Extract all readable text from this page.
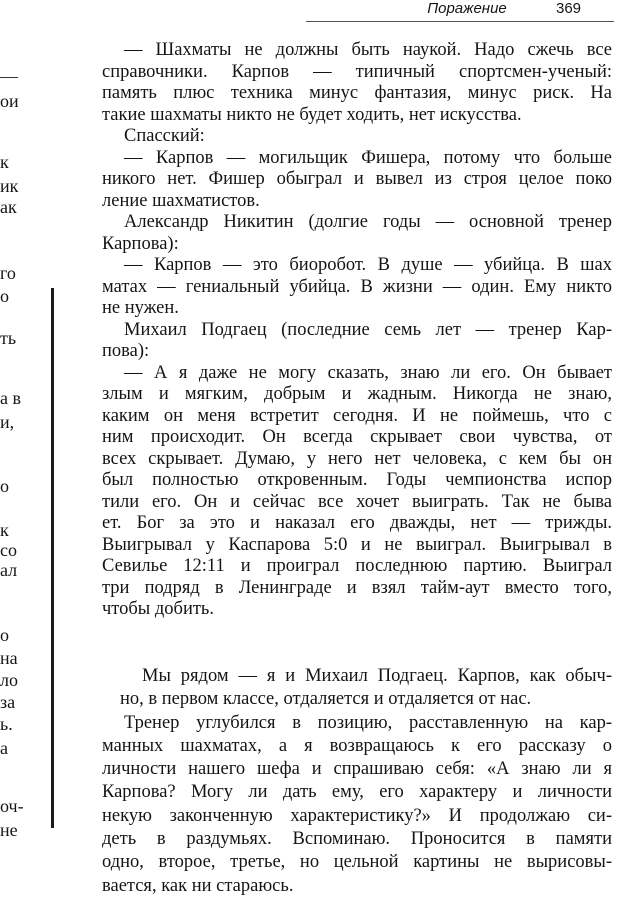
Поражение	369
—
ои
к
ик
ак
го
о
ть
а в
и,
о
к
со
ал
о
на
ло
за
ь.
а
оч-
не
— Шахматы не должны быть наукой. Надо сжечь все
справочники. Карпов — типичный спортсмен-ученый:
память плюс техника минус фантазия, минус риск. На
такие шахматы никто не будет ходить, нет искусства.
Спасский:
— Карпов — могильщик Фишера, потому что больше
никого нет. Фишер обыграл и вывел из строя целое поко
ление шахматистов.
Александр Никитин (долгие годы — основной тренер
Карпова):
— Карпов — это биоробот. В душе — убийца. В шах
матах — гениальный убийца. В жизни — один. Ему никто
не нужен.
Михаил Подгаец (последние семь лет — тренер Кар-
пова):
— А я даже не могу сказать, знаю ли его. Он бывает
злым и мягким, добрым и жадным. Никогда не знаю,
каким он меня встретит сегодня. И не поймешь, что с
ним происходит. Он всегда скрывает свои чувства, от
всех скрывает. Думаю, у него нет человека, с кем бы он
был полностью откровенным. Годы чемпионства испор
тили его. Он и сейчас все хочет выиграть. Так не быва
ет. Бог за это и наказал его дважды, нет — трижды.
Выигрывал у Каспарова 5:0 и не выиграл. Выигрывал в
Севилье 12:11 и проиграл последнюю партию. Выиграл
три подряд в Ленинграде и взял тайм-аут вместо того,
чтобы добить.
Мы рядом — я и Михаил Подгаец. Карпов, как обыч-
но, в первом классе, отдаляется и отдаляется от нас.
Тренер углубился в позицию, расставленную на кар-
манных шахматах, а я возвращаюсь к его рассказу о
личности нашего шефа и спрашиваю себя: «А знаю ли я
Карпова? Могу ли дать ему, его характеру и личности
некую законченную характеристику?» И продолжаю си-
деть в раздумьях. Вспоминаю. Проносится в памяти
одно, второе, третье, но цельной картины не вырисовы-
вается, как ни стараюсь.
